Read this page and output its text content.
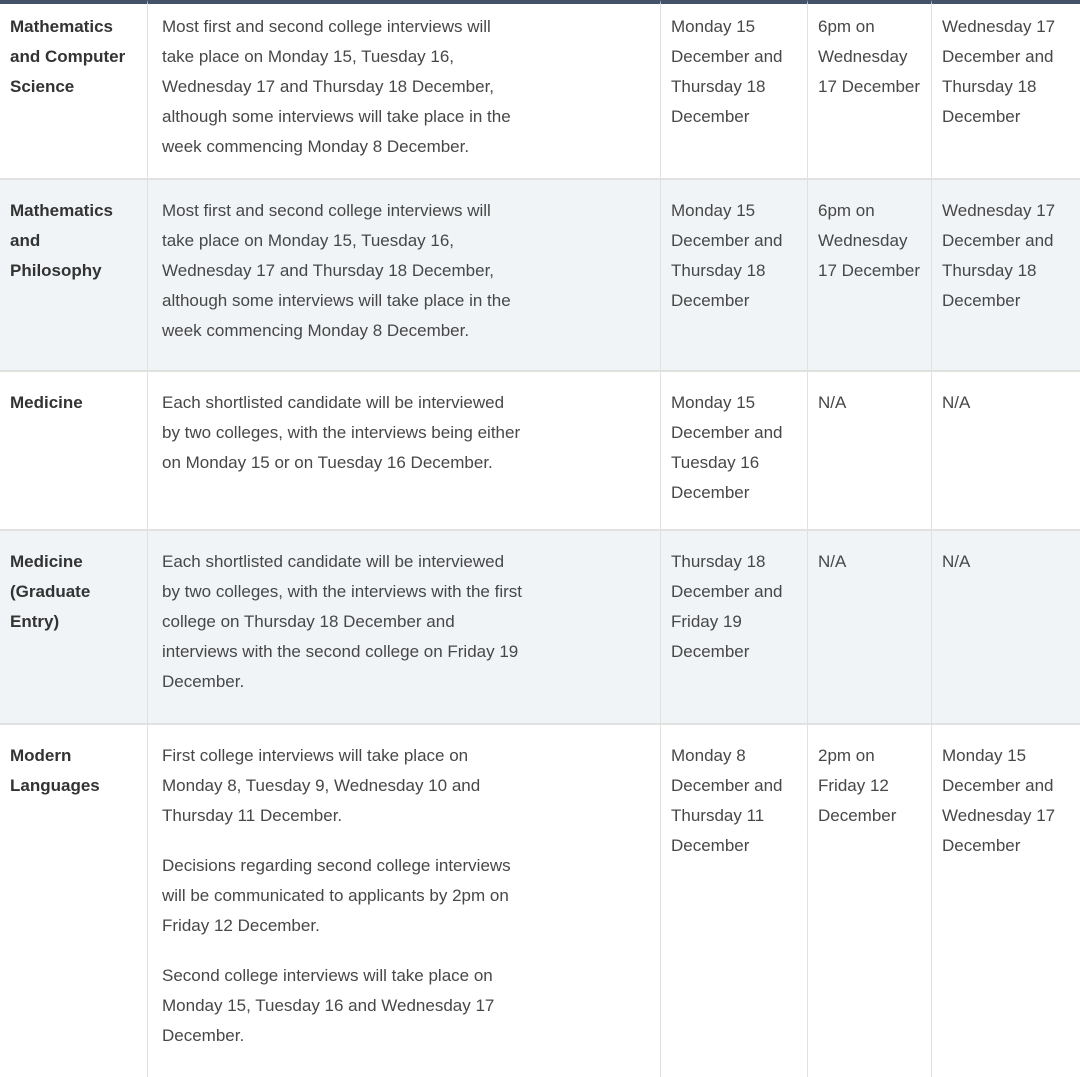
Mathematics and Computer Science	Most first and second college interviews will take place on Monday 15, Tuesday 16, Wednesday 17 and Thursday 18 December, although some interviews will take place in the week commencing Monday 8 December.	Monday 15 December and Thursday 18 December	6pm on Wednesday 17 December	Wednesday 17 December and Thursday 18 December
Mathematics and Philosophy	Most first and second college interviews will take place on Monday 15, Tuesday 16, Wednesday 17 and Thursday 18 December, although some interviews will take place in the week commencing Monday 8 December.	Monday 15 December and Thursday 18 December	6pm on Wednesday 17 December	Wednesday 17 December and Thursday 18 December
Medicine	Each shortlisted candidate will be interviewed by two colleges, with the interviews being either on Monday 15 or on Tuesday 16 December.	Monday 15 December and Tuesday 16 December	N/A	N/A
Medicine (Graduate Entry)	Each shortlisted candidate will be interviewed by two colleges, with the interviews with the first college on Thursday 18 December and interviews with the second college on Friday 19 December.	Thursday 18 December and Friday 19 December	N/A	N/A
Modern Languages	First college interviews will take place on Monday 8, Tuesday 9, Wednesday 10 and Thursday 11 December.

Decisions regarding second college interviews will be communicated to applicants by 2pm on Friday 12 December.

Second college interviews will take place on Monday 15, Tuesday 16 and Wednesday 17 December.	Monday 8 December and Thursday 11 December	2pm on Friday 12 December	Monday 15 December and Wednesday 17 December
